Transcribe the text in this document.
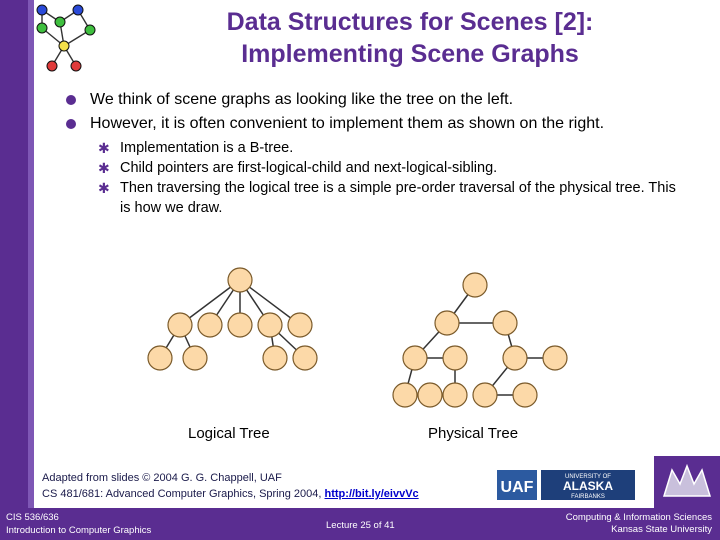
Data Structures for Scenes [2]:
Implementing Scene Graphs
We think of scene graphs as looking like the tree on the left.
However, it is often convenient to implement them as shown on the right.
✱ Implementation is a B-tree.
✱ Child pointers are first-logical-child and next-logical-sibling.
✱ Then traversing the logical tree is a simple pre-order traversal of the physical tree. This is how we draw.
Logical Tree	Physical Tree
Adapted from slides © 2004 G. G. Chappell, UAF
CS 481/681: Advanced Computer Graphics, Spring 2004, http://bit.ly/eivvVc	UAF
UNIVERSITY OF
ALASKA
FAIRBANKS
CIS 536/636
Introduction to Computer Graphics	Lecture 25 of 41
Computing & Information Sciences
Kansas State University
